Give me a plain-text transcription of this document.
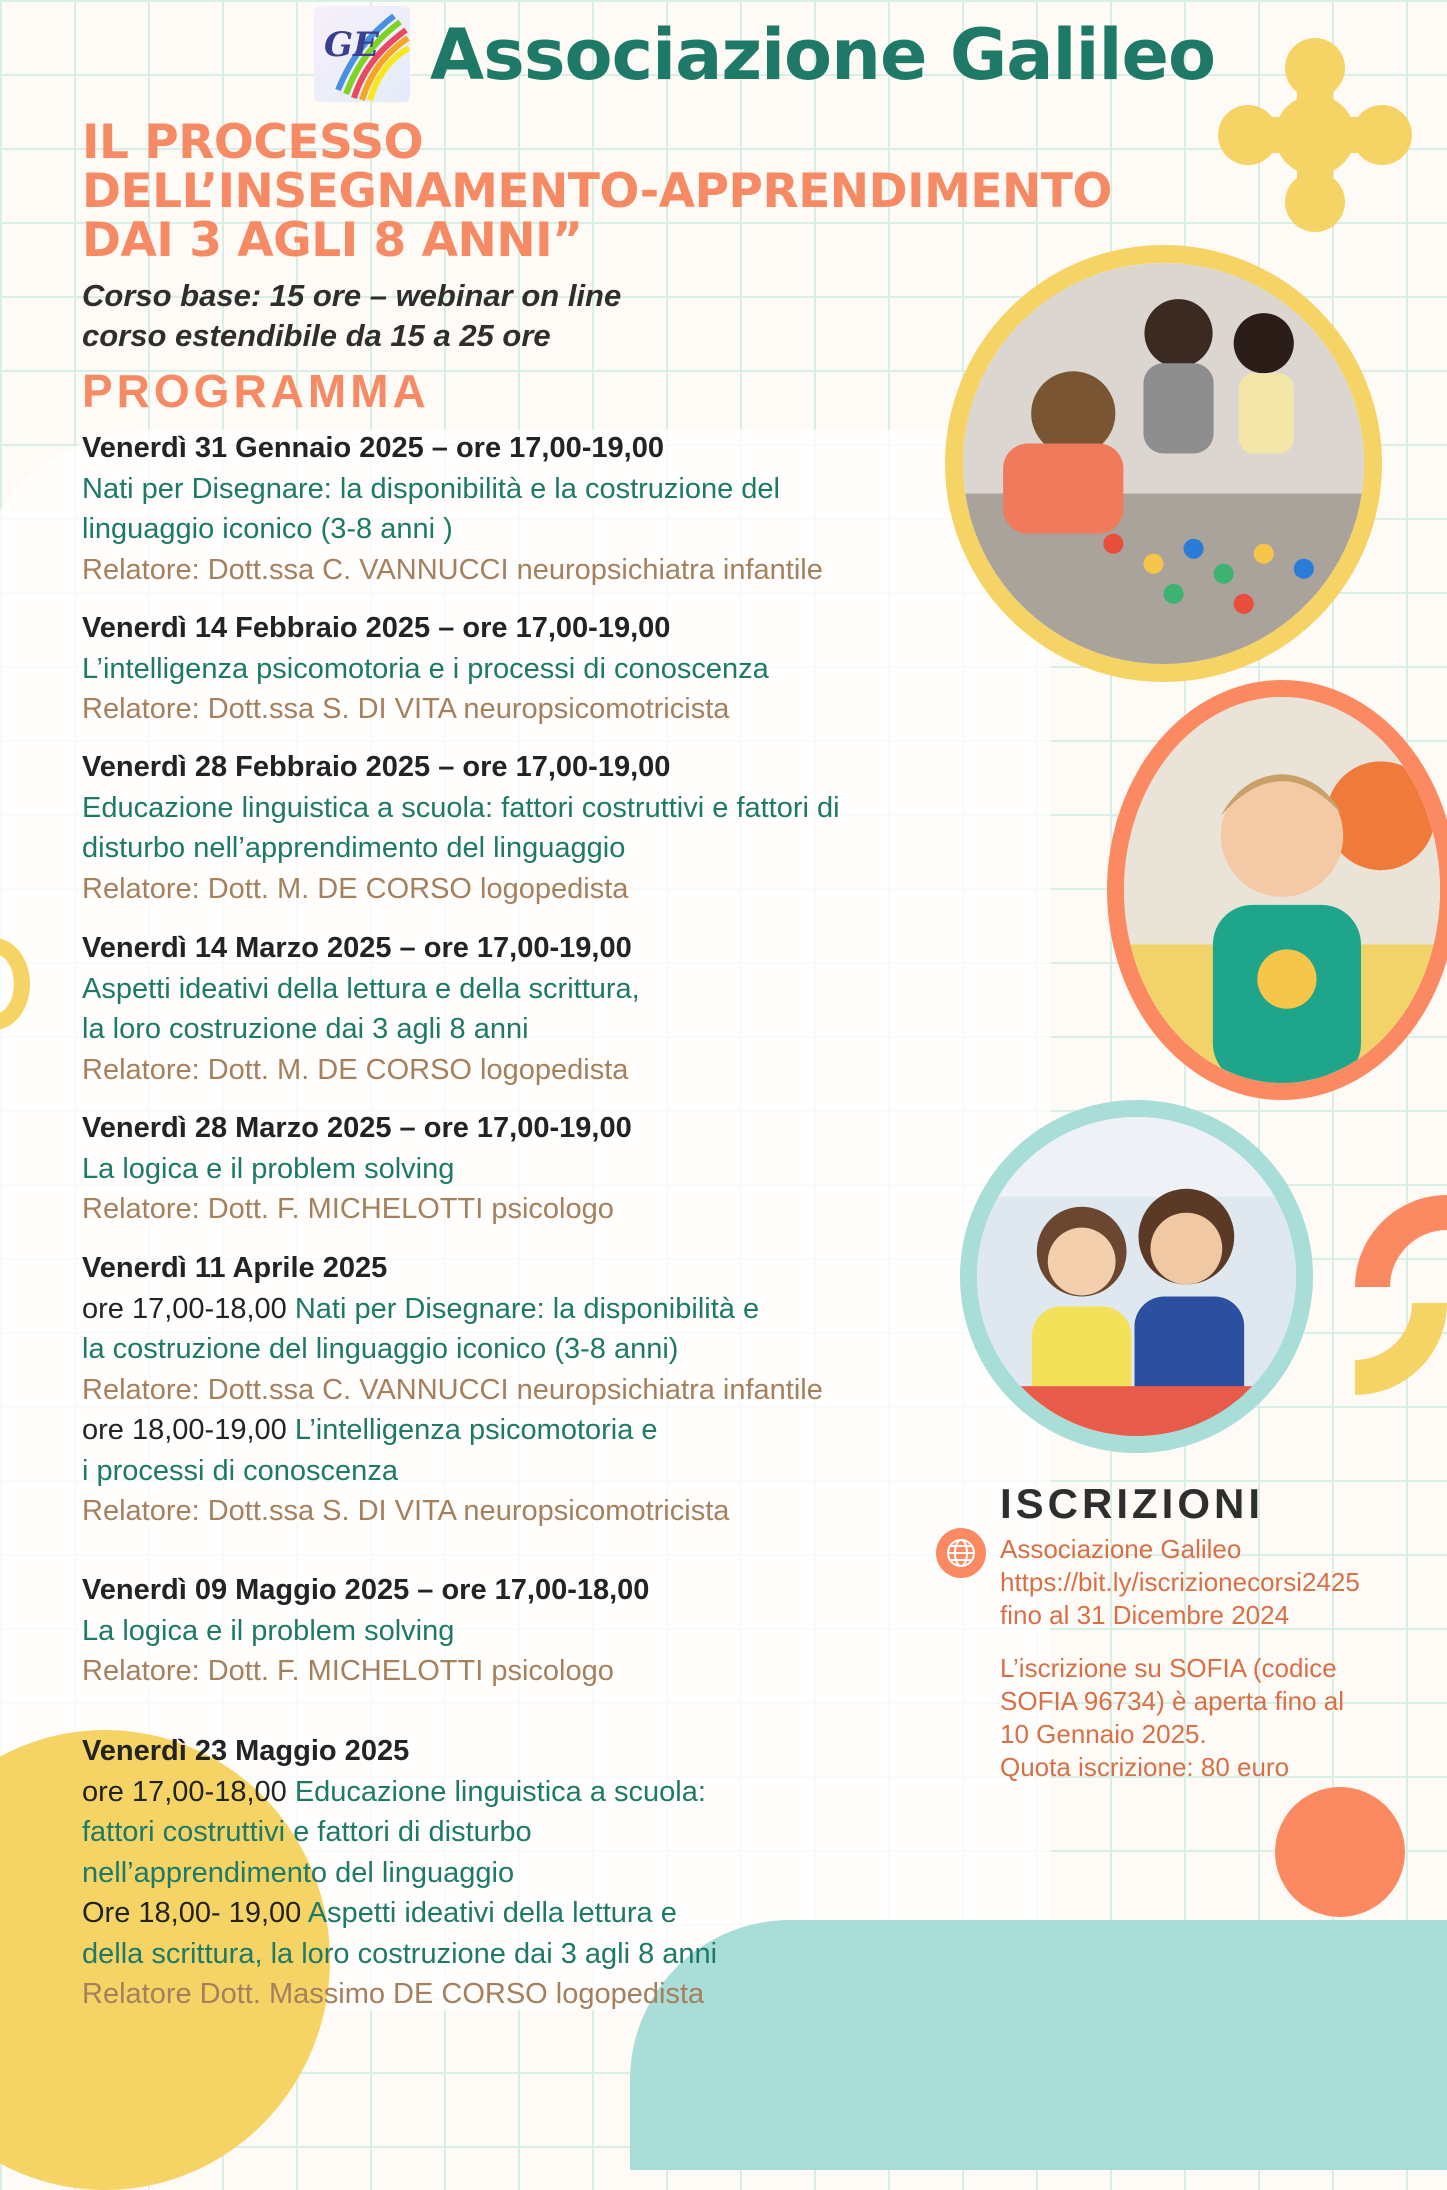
GE Associazione Galileo
IL PROCESSO
DELL’INSEGNAMENTO-APPRENDIMENTO
DAI 3 AGLI 8 ANNI”
Corso base: 15 ore – webinar on line
corso estendibile da 15 a 25 ore
PROGRAMMA
Venerdì 31 Gennaio 2025 – ore 17,00-19,00
Nati per Disegnare: la disponibilità e la costruzione del
linguaggio iconico (3-8 anni )
Relatore: Dott.ssa C. VANNUCCI neuropsichiatra infantile
Venerdì 14 Febbraio 2025 – ore 17,00-19,00
L’intelligenza psicomotoria e i processi di conoscenza
Relatore: Dott.ssa S. DI VITA neuropsicomotricista
Venerdì 28 Febbraio 2025 – ore 17,00-19,00
Educazione linguistica a scuola: fattori costruttivi e fattori di
disturbo nell’apprendimento del linguaggio
Relatore: Dott. M. DE CORSO logopedista
Venerdì 14 Marzo 2025 – ore 17,00-19,00
Aspetti ideativi della lettura e della scrittura,
la loro costruzione dai 3 agli 8 anni
Relatore: Dott. M. DE CORSO logopedista
Venerdì 28 Marzo 2025 – ore 17,00-19,00
La logica e il problem solving
Relatore: Dott. F. MICHELOTTI psicologo
Venerdì 11 Aprile 2025
ore 17,00-18,00 Nati per Disegnare: la disponibilità e
la costruzione del linguaggio iconico (3-8 anni)
Relatore: Dott.ssa C. VANNUCCI neuropsichiatra infantile
ore 18,00-19,00 L’intelligenza psicomotoria e
i processi di conoscenza
Relatore: Dott.ssa S. DI VITA neuropsicomotricista
Venerdì 09 Maggio 2025 – ore 17,00-18,00
La logica e il problem solving
Relatore: Dott. F. MICHELOTTI psicologo
Venerdì 23 Maggio 2025
ore 17,00-18,00 Educazione linguistica a scuola:
fattori costruttivi e fattori di disturbo
nell’apprendimento del linguaggio
Ore 18,00- 19,00 Aspetti ideativi della lettura e
della scrittura, la loro costruzione dai 3 agli 8 anni
Relatore Dott. Massimo DE CORSO logopedista
ISCRIZIONI
Associazione Galileo
https://bit.ly/iscrizionecorsi2425
fino al 31 Dicembre 2024
L’iscrizione su SOFIA (codice
SOFIA 96734) è aperta fino al
10 Gennaio 2025.
Quota iscrizione: 80 euro
